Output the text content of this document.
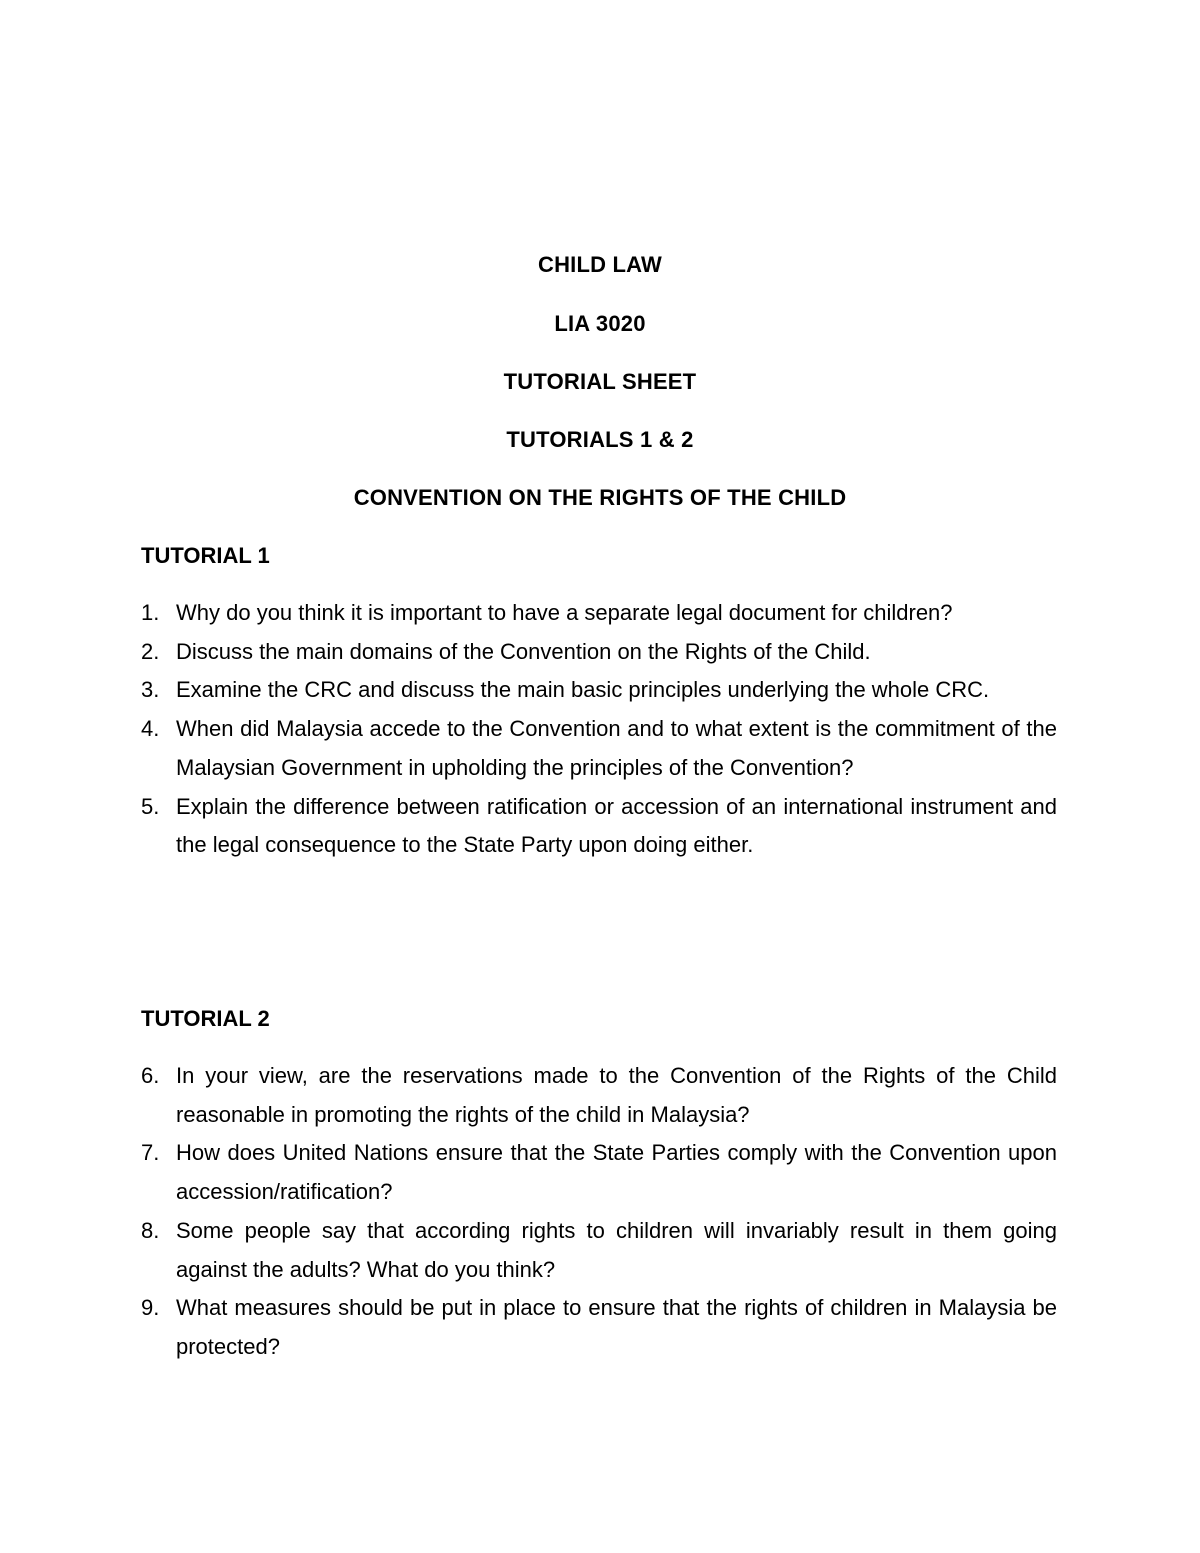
CHILD LAW
LIA 3020
TUTORIAL SHEET
TUTORIALS 1 & 2
CONVENTION ON THE RIGHTS OF THE CHILD
TUTORIAL 1
1. Why do you think it is important to have a separate legal document for children?
2. Discuss the main domains of the Convention on the Rights of the Child.
3. Examine the CRC and discuss the main basic principles underlying the whole CRC.
4. When did Malaysia accede to the Convention and to what extent is the commitment of the Malaysian Government in upholding the principles of the Convention?
5. Explain the difference between ratification or accession of an international instrument and the legal consequence to the State Party upon doing either.
TUTORIAL 2
6. In your view, are the reservations made to the Convention of the Rights of the Child reasonable in promoting the rights of the child in Malaysia?
7. How does United Nations ensure that the State Parties comply with the Convention upon accession/ratification?
8. Some people say that according rights to children will invariably result in them going against the adults? What do you think?
9. What measures should be put in place to ensure that the rights of children in Malaysia be protected?
